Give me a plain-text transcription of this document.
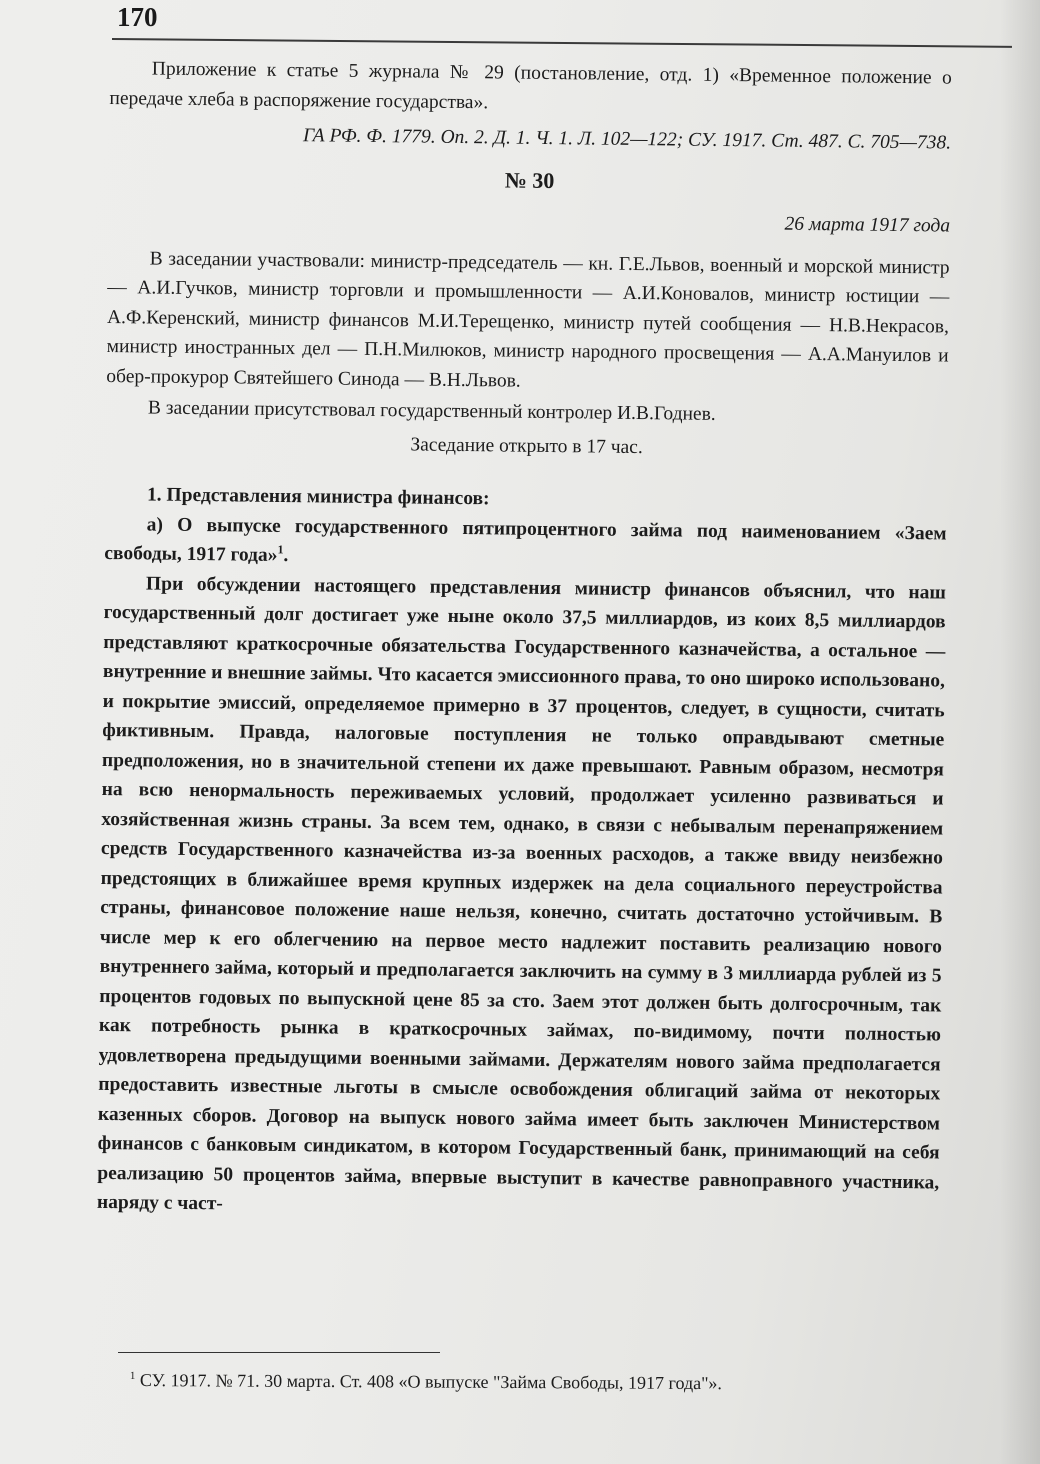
170

Приложение к статье 5 журнала № 29 (постановление, отд. 1) «Временное положение о передаче хлеба в распоряжение государства».

ГА РФ. Ф. 1779. Оп. 2. Д. 1. Ч. 1. Л. 102—122; СУ. 1917. Ст. 487. С. 705—738.

№ 30

26 марта 1917 года

В заседании участвовали: министр-председатель — кн. Г.Е.Львов, военный и морской министр — А.И.Гучков, министр торговли и промышленности — А.И.Коновалов, министр юстиции — А.Ф.Керенский, министр финансов М.И.Терещенко, министр путей сообщения — Н.В.Некрасов, министр иностранных дел — П.Н.Милюков, министр народного просвещения — А.А.Мануилов и обер-прокурор Святейшего Синода — В.Н.Львов.

В заседании присутствовал государственный контролер И.В.Годнев.

Заседание открыто в 17 час.

1. Представления министра финансов:

а) О выпуске государственного пятипроцентного займа под наименованием «Заем свободы, 1917 года»$^1$.

При обсуждении настоящего представления министр финансов объяснил, что наш государственный долг достигает уже ныне около 37,5 миллиардов, из коих 8,5 миллиардов представляют краткосрочные обязательства Государственного казначейства, а остальное — внутренние и внешние займы. Что касается эмиссионного права, то оно широко использовано, и покрытие эмиссий, определяемое примерно в 37 процентов, следует, в сущности, считать фиктивным. Правда, налоговые поступления не только оправдывают сметные предположения, но в значительной степени их даже превышают. Равным образом, несмотря на всю ненормальность переживаемых условий, продолжает усиленно развиваться и хозяйственная жизнь страны. За всем тем, однако, в связи с небывалым перенапряжением средств Государственного казначейства из-за военных расходов, а также ввиду неизбежно предстоящих в ближайшее время крупных издержек на дела социального переустройства страны, финансовое положение наше нельзя, конечно, считать достаточно устойчивым. В числе мер к его облегчению на первое место надлежит поставить реализацию нового внутреннего займа, который и предполагается заключить на сумму в 3 миллиарда рублей из 5 процентов годовых по выпускной цене 85 за сто. Заем этот должен быть долгосрочным, так как потребность рынка в краткосрочных займах, по-видимому, почти полностью удовлетворена предыдущими военными займами. Держателям нового займа предполагается предоставить известные льготы в смысле освобождения облигаций займа от некоторых казенных сборов. Договор на выпуск нового займа имеет быть заключен Министерством финансов с банковым синдикатом, в котором Государственный банк, принимающий на себя реализацию 50 процентов займа, впервые выступит в качестве равноправного участника, наряду с част-

$^1$ СУ. 1917. № 71. 30 марта. Ст. 408 «О выпуске "Займа Свободы, 1917 года"».
